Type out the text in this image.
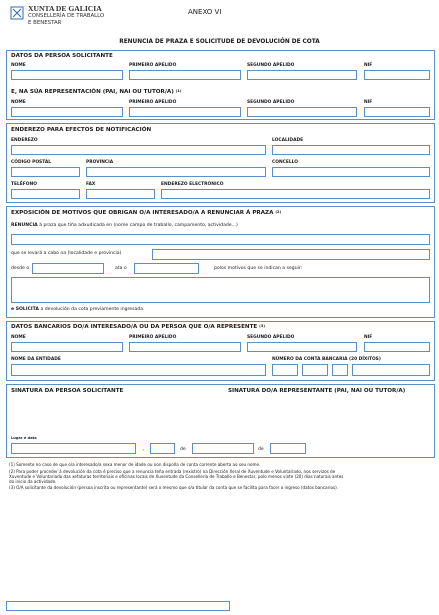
XUNTA DE GALICIA
CONSELLERÍA DE TRABALLO
E BENESTAR
ANEXO VI
RENUNCIA DE PRAZA E SOLICITUDE DE DEVOLUCIÓN DE COTA
DATOS DA PERSOA SOLICITANTE
NOME	PRIMEIRO APELIDO	SEGUNDO APELIDO	NIF
E, NA SÚA REPRESENTACIÓN (PAI, NAI OU TUTOR/A) $^{(1)}$
NOME	PRIMEIRO APELIDO	SEGUNDO APELIDO	NIF
ENDEREZO PARA EFECTOS DE NOTIFICACIÓN
ENDEREZO	LOCALIDADE
CÓDIGO POSTAL	PROVINCIA	CONCELLO
TELÉFONO	FAX	ENDEREZO ELECTRÓNICO
EXPOSICIÓN DE MOTIVOS QUE OBRIGAN O/A INTERESADO/A A RENUNCIAR Á PRAZA $^{(2)}$
RENUNCIA á praza que tiña adxudicada en (nome campo de traballo, campamento, actividade...)
que se levará a cabo na (localidade e provincia)
desde o	ata o	polos motivos que se indican a seguir:
e SOLICITA a devolución da cota previamente ingresada.
DATOS BANCARIOS DO/A INTERESADO/A OU DA PERSOA QUE O/A REPRESENTE $^{(3)}$
NOME	PRIMEIRO APELIDO	SEGUNDO APELIDO	NIF
NOME DA ENTIDADE	NÚMERO DA CONTA BANCARIA (20 DÍXITOS)
SINATURA DA PERSOA SOLICITANTE	SINATURA DO/A REPRESENTANTE (PAI, NAI OU TUTOR/A)
Lugar e data
,	de	de
(1) Somente no caso de que o/a interesado/a sexa menor de idade ou non dispoña de conta corrente aberta ao seu nome.
(2) Para poder proceder á devolución da cota é preciso que a renuncia teña entrada (rexistro) na Dirección Xeral de Xuventude e Voluntariado, nos servizos de
Xuventude e Voluntariado das xefaturas territoriais e oficinas locais de Xuventude da Consellería de Traballo e Benestar, polo menos vinte (20) días naturais antes
do inicio da actividade.
(3) O/A solicitante da devolución (persoa inscrita ou representante) será o mesmo que o/a titular da conta que se facilita para facer o ingreso (datos bancarios).
